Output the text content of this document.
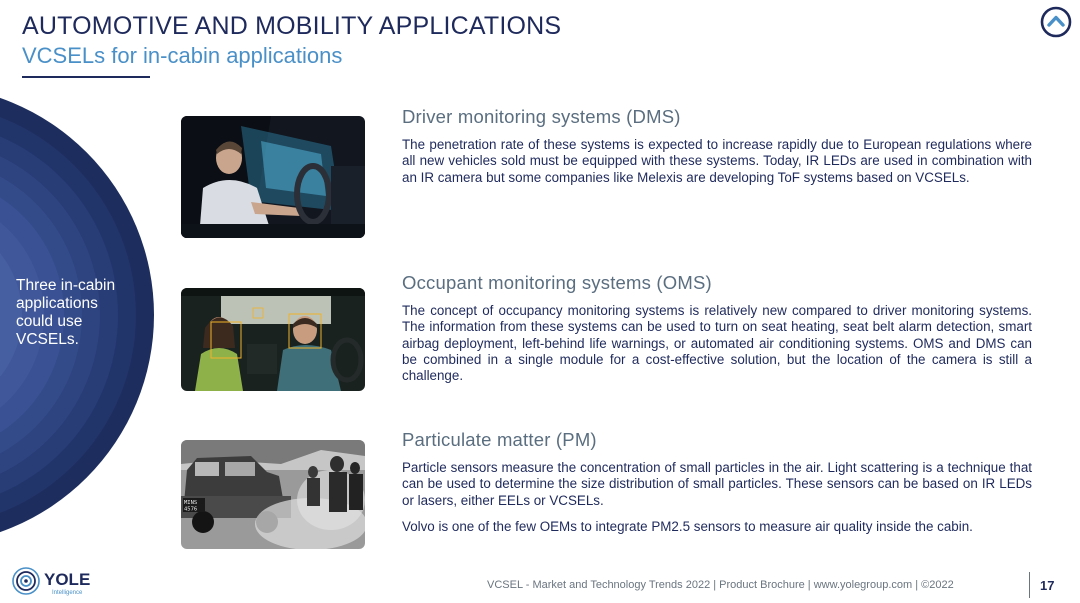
AUTOMOTIVE AND MOBILITY APPLICATIONS
VCSELs for in-cabin applications
Three in-cabin applications could use VCSELs.
MINS
4576
Driver monitoring systems (DMS)

The penetration rate of these systems is expected to increase rapidly due to European regulations where all new vehicles sold must be equipped with these systems. Today, IR LEDs are used in combination with an IR camera but some companies like Melexis are developing ToF systems based on VCSELs.

Occupant monitoring systems (OMS)

The concept of occupancy monitoring systems is relatively new compared to driver monitoring systems. The information from these systems can be used to turn on seat heating, seat belt alarm detection, smart airbag deployment, left-behind life warnings, or automated air conditioning systems. OMS and DMS can be combined in a single module for a cost-effective solution, but the location of the camera is still a challenge.

Particulate matter (PM)

Particle sensors measure the concentration of small particles in the air. Light scattering is a technique that can be used to determine the size distribution of small particles. These sensors can be based on IR LEDs or lasers, either EELs or VCSELs.

Volvo is one of the few OEMs to integrate PM2.5 sensors to measure air quality inside the cabin.

YOLE
Intelligence
VCSEL - Market and Technology Trends 2022 | Product Brochure | www.yolegroup.com | ©2022	17
